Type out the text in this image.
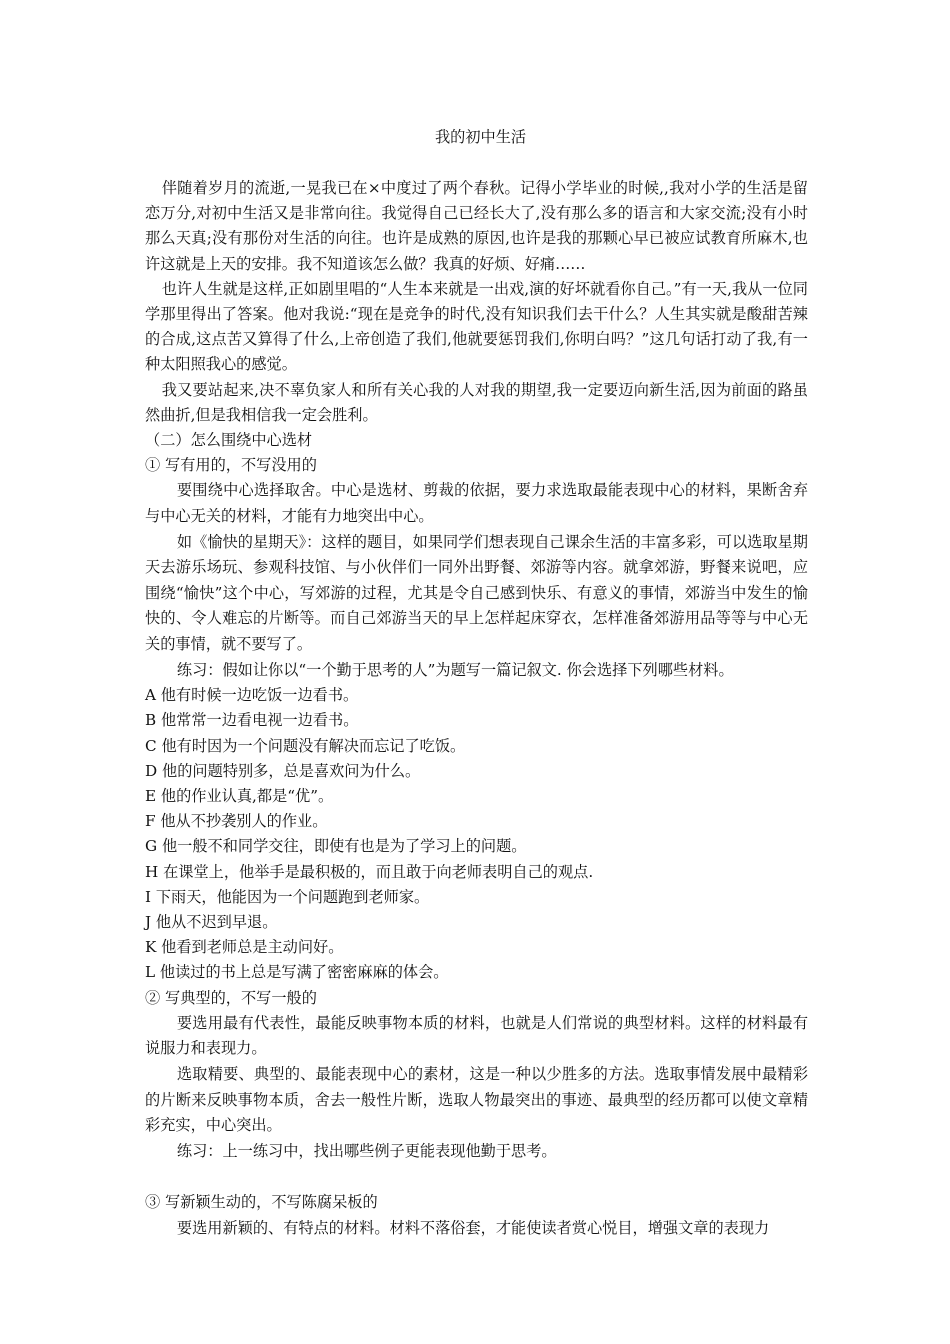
我的初中生活

伴随着岁月的流逝,一晃我已在×中度过了两个春秋。记得小学毕业的时候,,我对小学的生活是留恋万分,对初中生活又是非常向往。我觉得自己已经长大了,没有那么多的语言和大家交流;没有小时那么天真;没有那份对生活的向往。也许是成熟的原因,也许是我的那颗心早已被应试教育所麻木,也许这就是上天的安排。我不知道该怎么做？我真的好烦、好痛……

也许人生就是这样,正如剧里唱的“人生本来就是一出戏,演的好坏就看你自己。”有一天,我从一位同学那里得出了答案。他对我说:“现在是竞争的时代,没有知识我们去干什么？人生其实就是酸甜苦辣的合成,这点苦又算得了什么,上帝创造了我们,他就要惩罚我们,你明白吗？”这几句话打动了我,有一种太阳照我心的感觉。

我又要站起来,决不辜负家人和所有关心我的人对我的期望,我一定要迈向新生活,因为前面的路虽然曲折,但是我相信我一定会胜利。

（二）怎么围绕中心选材
① 写有用的，不写没用的

要围绕中心选择取舍。中心是选材、剪裁的依据，要力求选取最能表现中心的材料，果断舍弃与中心无关的材料，才能有力地突出中心。

如《愉快的星期天》：这样的题目，如果同学们想表现自己课余生活的丰富多彩，可以选取星期天去游乐场玩、参观科技馆、与小伙伴们一同外出野餐、郊游等内容。就拿郊游，野餐来说吧，应围绕“愉快”这个中心，写郊游的过程，尤其是令自己感到快乐、有意义的事情，郊游当中发生的愉快的、令人难忘的片断等。而自己郊游当天的早上怎样起床穿衣，怎样准备郊游用品等等与中心无关的事情，就不要写了。

练习：假如让你以“一个勤于思考的人”为题写一篇记叙文. 你会选择下列哪些材料。

A 他有时候一边吃饭一边看书。
B 他常常一边看电视一边看书。
C 他有时因为一个问题没有解决而忘记了吃饭。
D 他的问题特别多，总是喜欢问为什么。
E 他的作业认真,都是“优”。
F 他从不抄袭别人的作业。
G 他一般不和同学交往，即使有也是为了学习上的问题。
H 在课堂上，他举手是最积极的，而且敢于向老师表明自己的观点.
I 下雨天，他能因为一个问题跑到老师家。
J 他从不迟到早退。
K 他看到老师总是主动问好。
L 他读过的书上总是写满了密密麻麻的体会。
② 写典型的，不写一般的

要选用最有代表性，最能反映事物本质的材料，也就是人们常说的典型材料。这样的材料最有说服力和表现力。

选取精要、典型的、最能表现中心的素材，这是一种以少胜多的方法。选取事情发展中最精彩的片断来反映事物本质，舍去一般性片断，选取人物最突出的事迹、最典型的经历都可以使文章精彩充实，中心突出。

练习：上一练习中，找出哪些例子更能表现他勤于思考。

③ 写新颖生动的，不写陈腐呆板的

要选用新颖的、有特点的材料。材料不落俗套，才能使读者赏心悦目，增强文章的表现力
